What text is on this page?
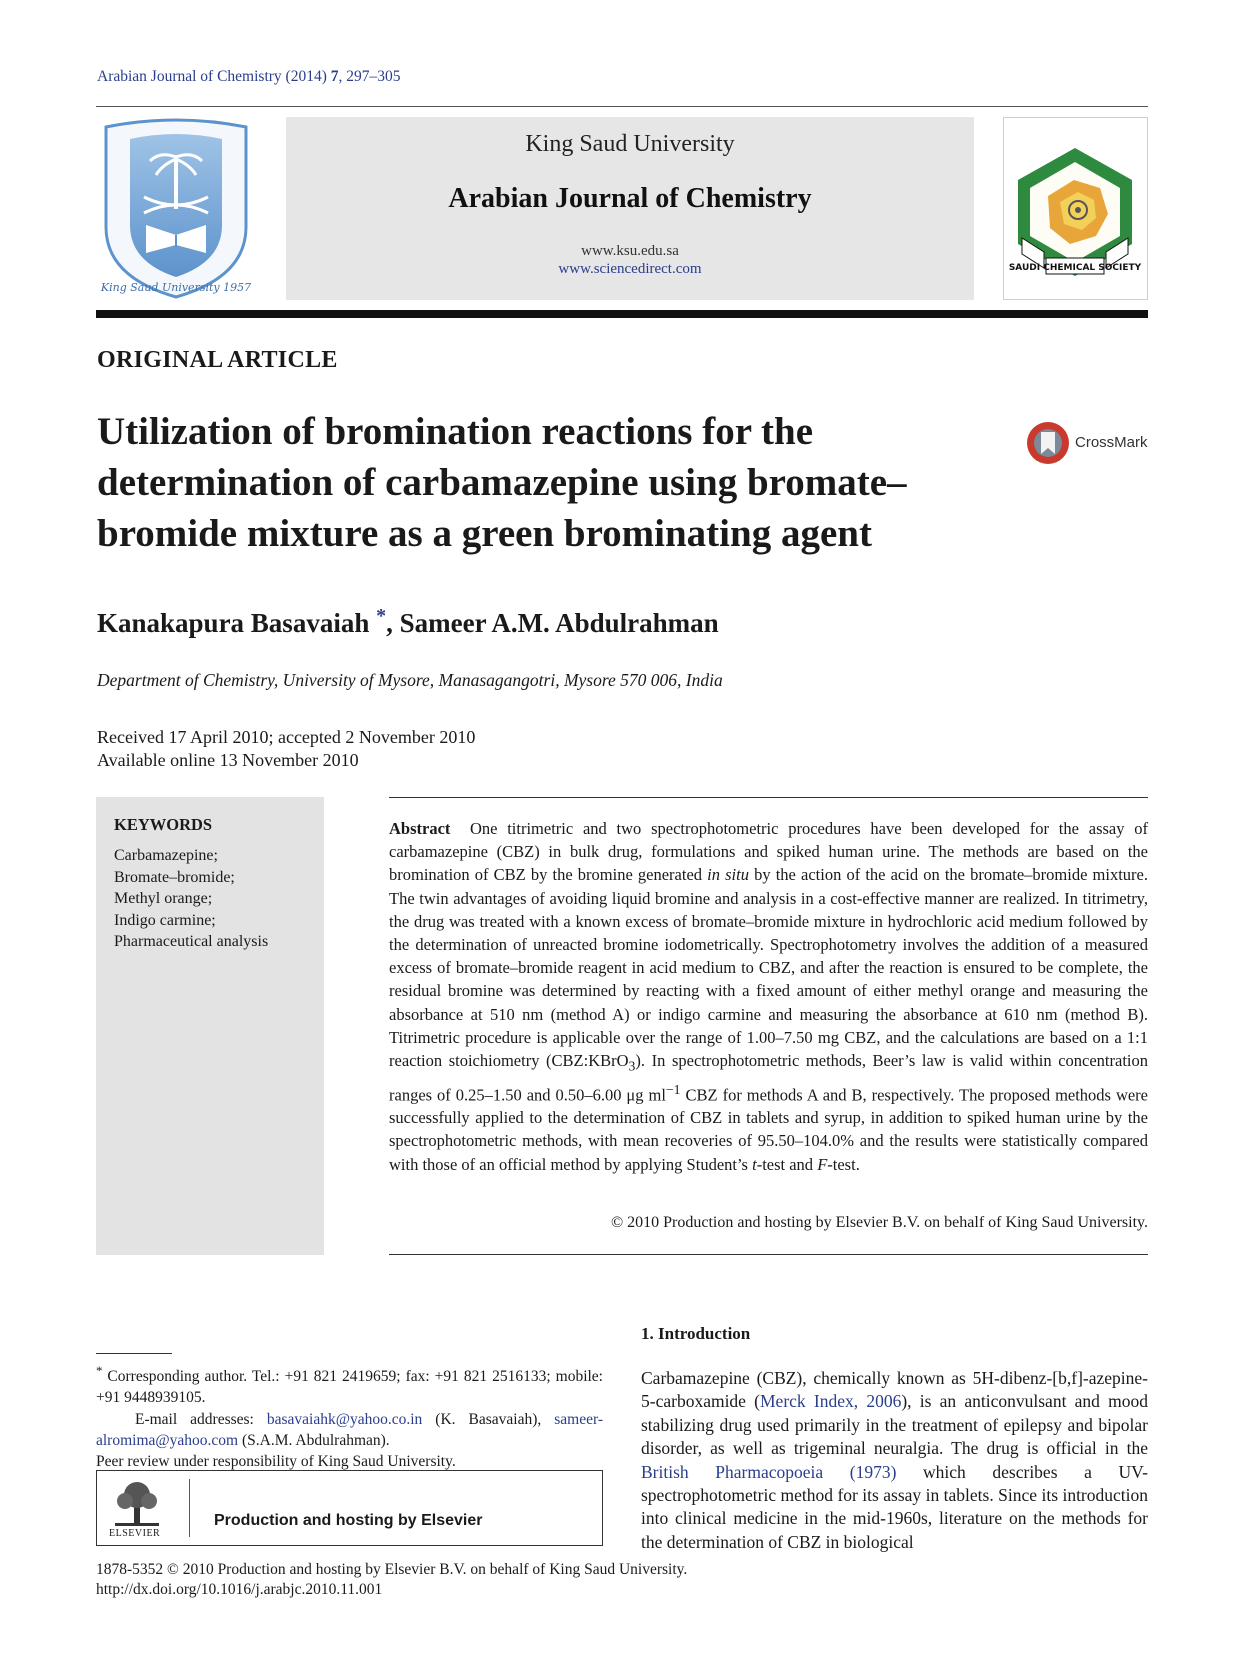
Arabian Journal of Chemistry (2014) 7, 297–305
King Saud University 1957
King Saud University
Arabian Journal of Chemistry
www.ksu.edu.sa
www.sciencedirect.com	SAUDI CHEMICAL SOCIETY
ORIGINAL ARTICLE
Utilization of bromination reactions for the determination of carbamazepine using bromate–bromide mixture as a green brominating agent
CrossMark
Kanakapura Basavaiah *, Sameer A.M. Abdulrahman
Department of Chemistry, University of Mysore, Manasagangotri, Mysore 570 006, India
Received 17 April 2010; accepted 2 November 2010
Available online 13 November 2010
KEYWORDS
Carbamazepine;
Bromate–bromide;
Methyl orange;
Indigo carmine;
Pharmaceutical analysis
Abstract One titrimetric and two spectrophotometric procedures have been developed for the assay of carbamazepine (CBZ) in bulk drug, formulations and spiked human urine. The methods are based on the bromination of CBZ by the bromine generated in situ by the action of the acid on the bromate–bromide mixture. The twin advantages of avoiding liquid bromine and analysis in a cost-effective manner are realized. In titrimetry, the drug was treated with a known excess of bromate–bromide mixture in hydrochloric acid medium followed by the determination of unreacted bromine iodometrically. Spectrophotometry involves the addition of a measured excess of bromate–bromide reagent in acid medium to CBZ, and after the reaction is ensured to be complete, the residual bromine was determined by reacting with a fixed amount of either methyl orange and measuring the absorbance at 510 nm (method A) or indigo carmine and measuring the absorbance at 610 nm (method B). Titrimetric procedure is applicable over the range of 1.00–7.50 mg CBZ, and the calculations are based on a 1:1 reaction stoichiometry (CBZ:KBrO$_3$). In spectrophotometric methods, Beer’s law is valid within concentration ranges of 0.25–1.50 and 0.50–6.00 μg $ml^{-1}$ CBZ for methods A and B, respectively. The proposed methods were successfully applied to the determination of CBZ in tablets and syrup, in addition to spiked human urine by the spectrophotometric methods, with mean recoveries of 95.50–104.0% and the results were statistically compared with those of an official method by applying Student’s t-test and F-test.
© 2010 Production and hosting by Elsevier B.V. on behalf of King Saud University.
* Corresponding author. Tel.: +91 821 2419659; fax: +91 821 2516133; mobile: +91 9448939105.
E-mail addresses: basavaiahk@yahoo.co.in (K. Basavaiah), sameer-alromima@yahoo.com (S.A.M. Abdulrahman).
Peer review under responsibility of King Saud University.
ELSEVIER
Production and hosting by Elsevier
1. Introduction
Carbamazepine (CBZ), chemically known as 5H-dibenz-[b,f]-azepine-5-carboxamide (Merck Index, 2006), is an anticonvulsant and mood stabilizing drug used primarily in the treatment of epilepsy and bipolar disorder, as well as trigeminal neuralgia. The drug is official in the British Pharmacopoeia (1973) which describes a UV-spectrophotometric method for its assay in tablets. Since its introduction into clinical medicine in the mid-1960s, literature on the methods for the determination of CBZ in biological
1878-5352 © 2010 Production and hosting by Elsevier B.V. on behalf of King Saud University.
http://dx.doi.org/10.1016/j.arabjc.2010.11.001
